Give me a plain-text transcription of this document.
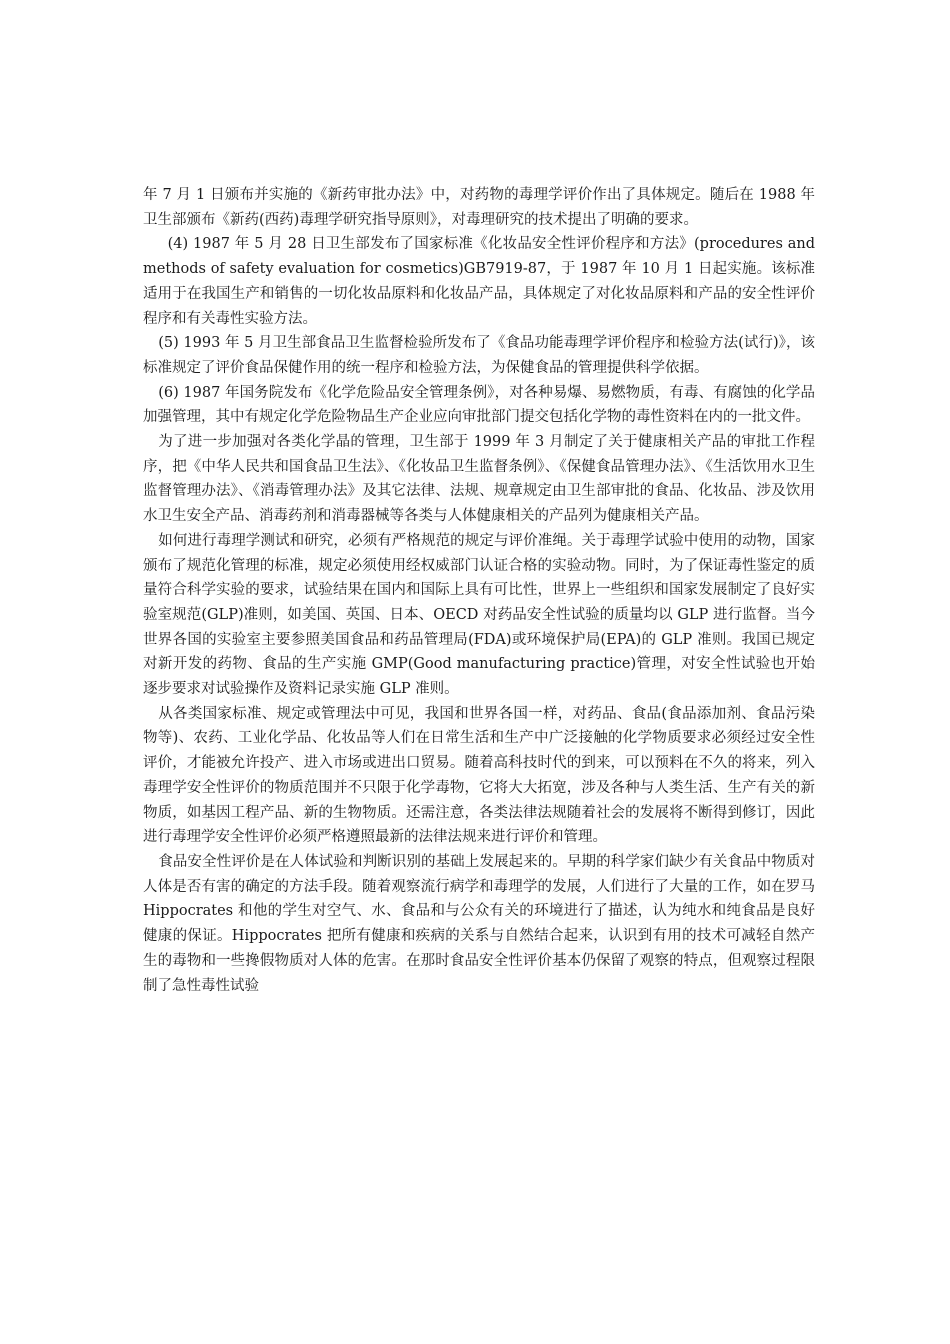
年 7 月 1 日颁布并实施的《新药审批办法》中，对药物的毒理学评价作出了具体规定。随后在 1988 年卫生部颁布《新药(西药)毒理学研究指导原则》，对毒理研究的技术提出了明确的要求。

(4) 1987 年 5 月 28 日卫生部发布了国家标准《化妆品安全性评价程序和方法》(procedures and methods of safety evaluation for cosmetics)GB7919-87，于 1987 年 10 月 1 日起实施。该标准适用于在我国生产和销售的一切化妆品原料和化妆品产品，具体规定了对化妆品原料和产品的安全性评价程序和有关毒性实验方法。

(5) 1993 年 5 月卫生部食品卫生监督检验所发布了《食品功能毒理学评价程序和检验方法(试行)》，该标准规定了评价食品保健作用的统一程序和检验方法，为保健食品的管理提供科学依据。

(6) 1987 年国务院发布《化学危险品安全管理条例》，对各种易爆、易燃物质，有毒、有腐蚀的化学品加强管理，其中有规定化学危险物品生产企业应向审批部门提交包括化学物的毒性资料在内的一批文件。

为了进一步加强对各类化学晶的管理，卫生部于 1999 年 3 月制定了关于健康相关产品的审批工作程序，把《中华人民共和国食品卫生法》、《化妆品卫生监督条例》、《保健食品管理办法》、《生活饮用水卫生监督管理办法》、《消毒管理办法》及其它法律、法规、规章规定由卫生部审批的食品、化妆品、涉及饮用水卫生安全产品、消毒药剂和消毒器械等各类与人体健康相关的产品列为健康相关产品。

如何进行毒理学测试和研究，必须有严格规范的规定与评价准绳。关于毒理学试验中使用的动物，国家颁布了规范化管理的标准，规定必须使用经权威部门认证合格的实验动物。同时，为了保证毒性鉴定的质量符合科学实验的要求，试验结果在国内和国际上具有可比性，世界上一些组织和国家发展制定了良好实验室规范(GLP)准则，如美国、英国、日本、OECD 对药品安全性试验的质量均以 GLP 进行监督。当今世界各国的实验室主要参照美国食品和药品管理局(FDA)或环境保护局(EPA)的 GLP 准则。我国已规定对新开发的药物、食品的生产实施 GMP(Good manufacturing practice)管理，对安全性试验也开始逐步要求对试验操作及资料记录实施 GLP 准则。

从各类国家标准、规定或管理法中可见，我国和世界各国一样，对药品、食品(食品添加剂、食品污染物等)、农药、工业化学品、化妆品等人们在日常生活和生产中广泛接触的化学物质要求必须经过安全性评价，才能被允许投产、进入市场或进出口贸易。随着高科技时代的到来，可以预料在不久的将来，列入毒理学安全性评价的物质范围并不只限于化学毒物，它将大大拓宽，涉及各种与人类生活、生产有关的新物质，如基因工程产品、新的生物物质。还需注意，各类法律法规随着社会的发展将不断得到修订，因此进行毒理学安全性评价必须严格遵照最新的法律法规来进行评价和管理。

食品安全性评价是在人体试验和判断识别的基础上发展起来的。早期的科学家们缺少有关食品中物质对人体是否有害的确定的方法手段。随着观察流行病学和毒理学的发展，人们进行了大量的工作，如在罗马 Hippocrates 和他的学生对空气、水、食品和与公众有关的环境进行了描述，认为纯水和纯食品是良好健康的保证。Hippocrates 把所有健康和疾病的关系与自然结合起来，认识到有用的技术可减轻自然产生的毒物和一些搀假物质对人体的危害。在那时食品安全性评价基本仍保留了观察的特点，但观察过程限制了急性毒性试验
